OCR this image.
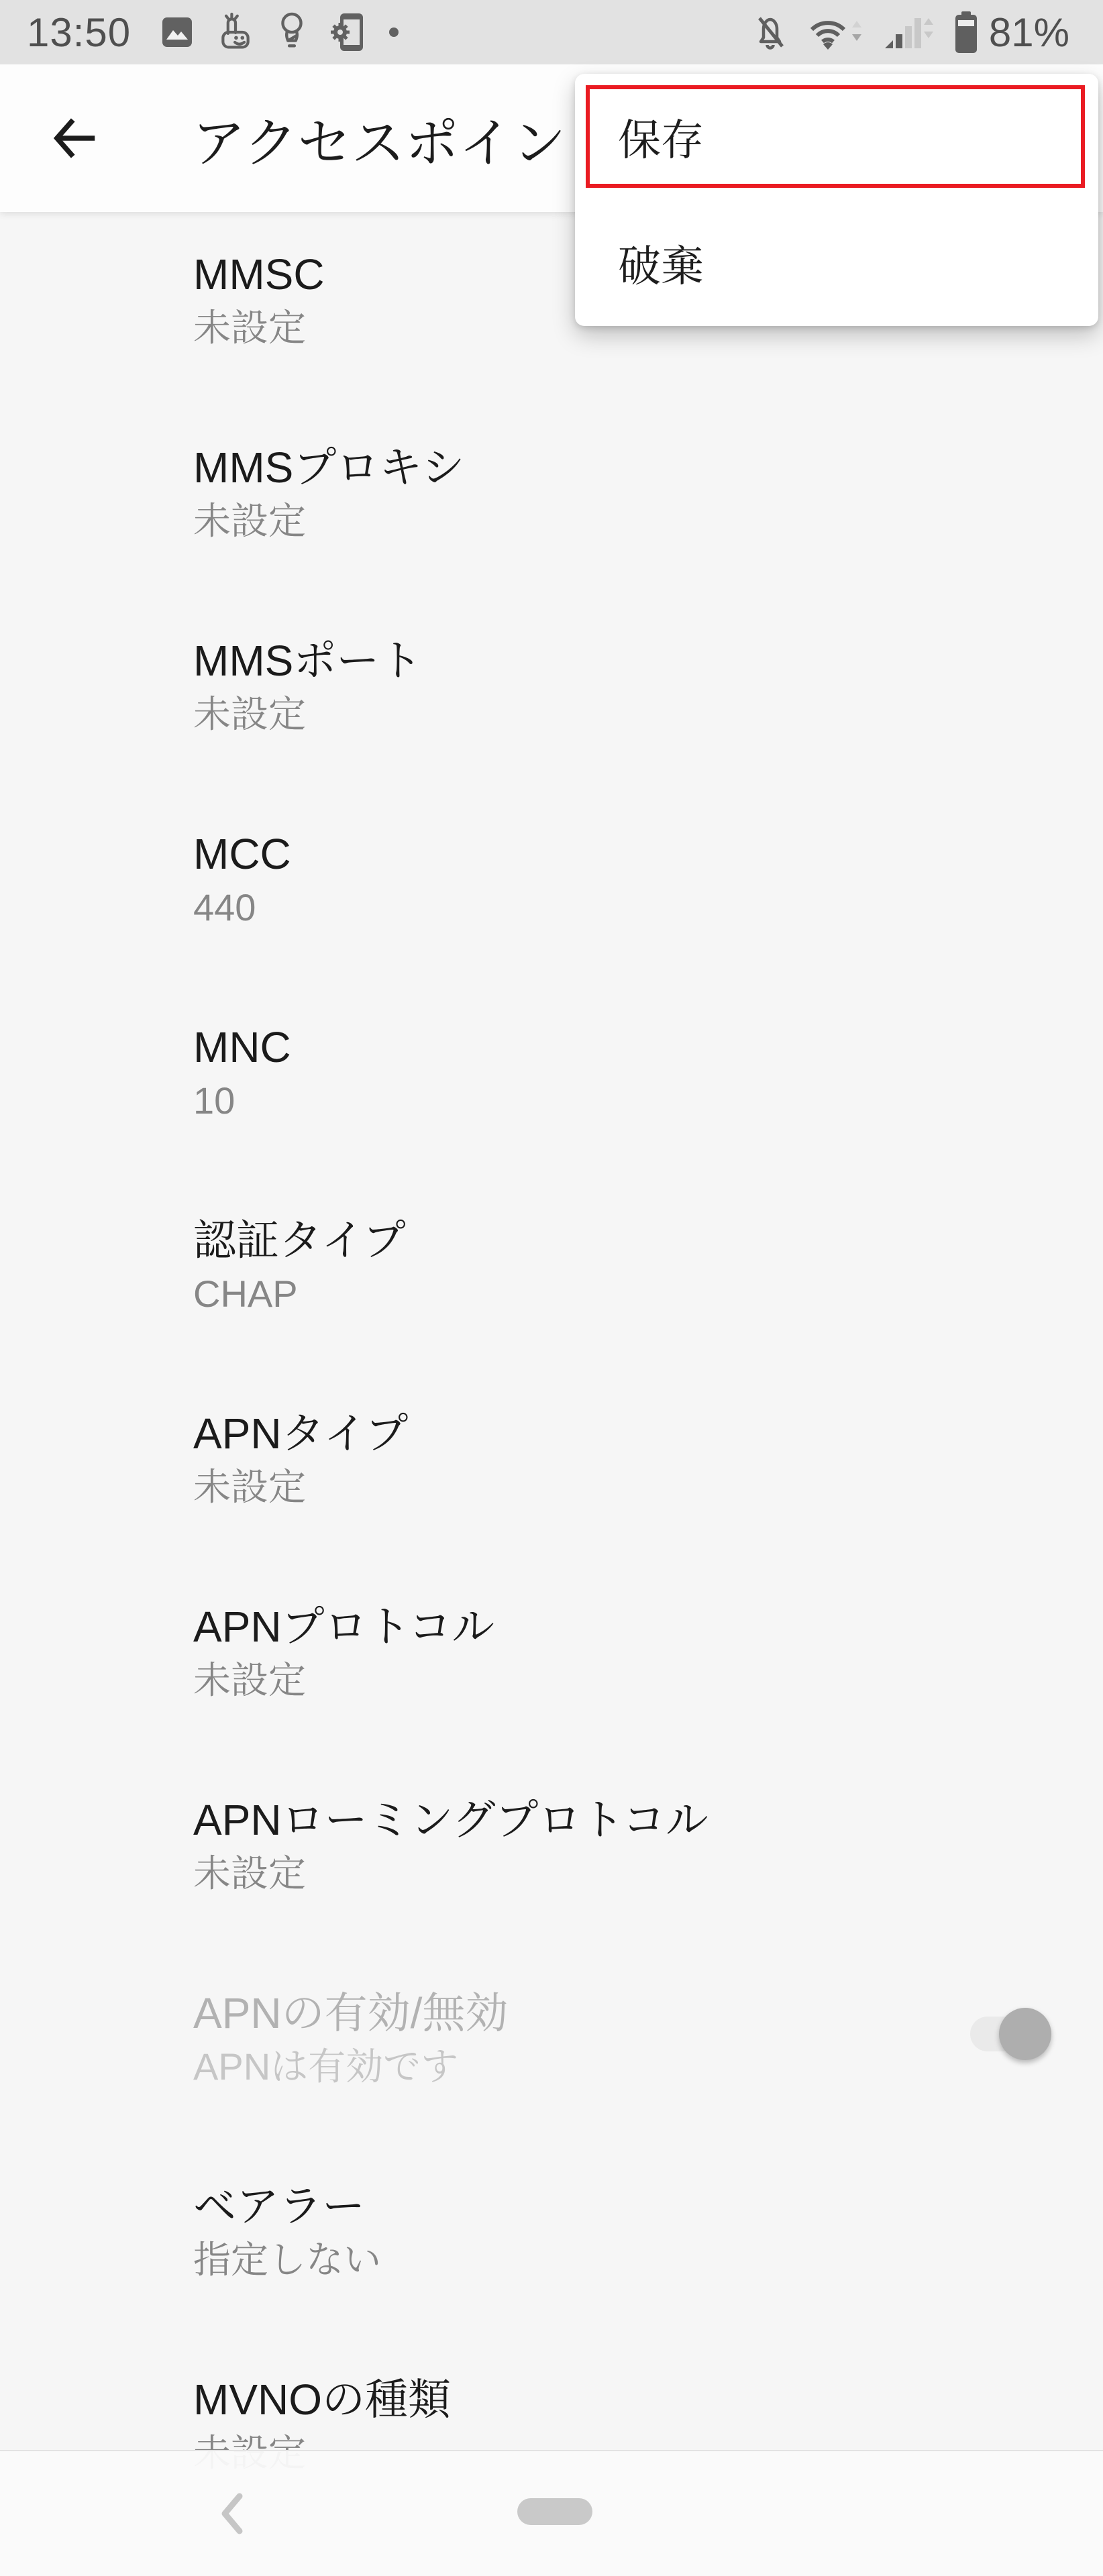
13:50	81%
アクセスポイン
MMSC
未設定
MMSプロキシ
未設定
MMSポート
未設定
MCC
440
MNC
10
認証タイプ
CHAP
APNタイプ
未設定
APNプロトコル
未設定
APNローミングプロトコル
未設定
APNの有効/無効
APNは有効です
ベアラー
指定しない
MVNOの種類
保存
破棄
